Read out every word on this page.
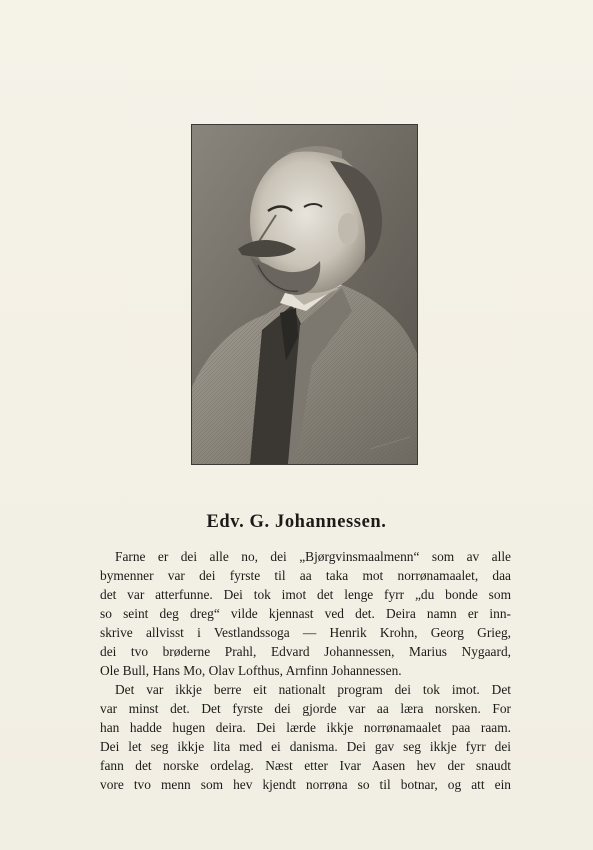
Edv. G. Johannessen.
Farne er dei alle no, dei „Bjørgvinsmaalmenn“ som av alle
bymenner var dei fyrste til aa taka mot norrønamaalet, daa
det var atterfunne. Dei tok imot det lenge fyrr „du bonde som
so seint deg dreg“ vilde kjennast ved det. Deira namn er inn-
skrive allvisst i Vestlandssoga — Henrik Krohn, Georg Grieg,
dei tvo brøderne Prahl, Edvard Johannessen, Marius Nygaard,
Ole Bull, Hans Mo, Olav Lofthus, Arnfinn Johannessen.
Det var ikkje berre eit nationalt program dei tok imot. Det
var minst det. Det fyrste dei gjorde var aa læra norsken. For
han hadde hugen deira. Dei lærde ikkje norrønamaalet paa raam.
Dei let seg ikkje lita med ei danisma. Dei gav seg ikkje fyrr dei
fann det norske ordelag. Næst etter Ivar Aasen hev der snaudt
vore tvo menn som hev kjendt norrøna so til botnar, og att ein
